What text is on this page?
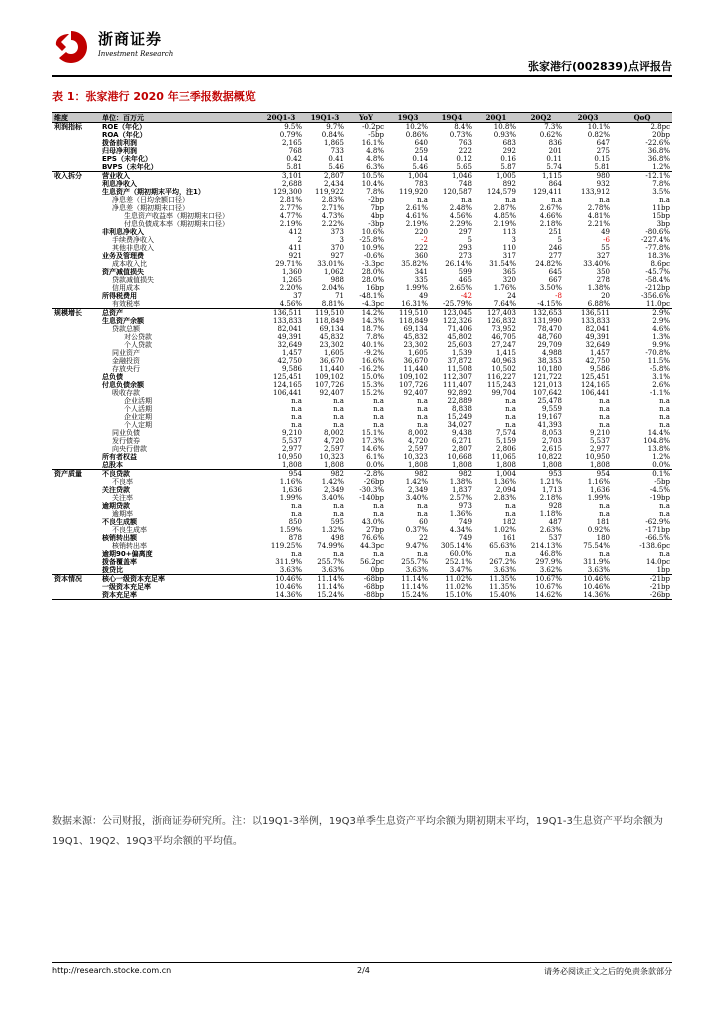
浙商证券
Investment Research
张家港行(002839)点评报告
表 1：张家港行 2020 年三季报数据概览
维度	单位：百万元	20Q1-3	19Q1-3	YoY	19Q3	19Q4	20Q1	20Q2	20Q3	QoQ
利润指标	ROE（年化）	9.5%	9.7%	-0.2pc	10.2%	8.4%	10.8%	7.3%	10.1%	2.8pc
	ROA（年化）	0.79%	0.84%	-5bp	0.86%	0.73%	0.93%	0.62%	0.82%	20bp
	拨备前利润	2,165	1,865	16.1%	640	763	683	836	647	-22.6%
	归母净利润	768	733	4.8%	259	222	292	201	275	36.8%
	EPS（未年化）	0.42	0.41	4.8%	0.14	0.12	0.16	0.11	0.15	36.8%
	BVPS（未年化）	5.81	5.46	6.3%	5.46	5.65	5.87	5.74	5.81	1.2%
收入拆分	营业收入	3,101	2,807	10.5%	1,004	1,046	1,005	1,115	980	-12.1%
	利息净收入	2,688	2,434	10.4%	783	748	892	864	932	7.8%
	生息资产（期初期末平均，注1）	129,300	119,922	7.8%	119,920	120,587	124,579	129,411	133,912	3.5%
	净息差（日均余额口径）	2.81%	2.83%	-2bp	n.a	n.a	n.a	n.a	n.a	n.a
	净息差（期初期末口径）	2.77%	2.71%	7bp	2.61%	2.48%	2.87%	2.67%	2.78%	11bp
	生息资产收益率（期初期末口径）	4.77%	4.73%	4bp	4.61%	4.56%	4.85%	4.66%	4.81%	15bp
	付息负债成本率（期初期末口径）	2.19%	2.22%	-3bp	2.19%	2.29%	2.19%	2.18%	2.21%	3bp
	非利息净收入	412	373	10.6%	220	297	113	251	49	-80.6%
	手续费净收入	2	3	-25.8%	-2	5	3	5	-6	-227.4%
	其他非息收入	411	370	10.9%	222	293	110	246	55	-77.8%
	业务及管理费	921	927	-0.6%	360	273	317	277	327	18.3%
	成本收入比	29.71%	33.01%	-3.3pc	35.82%	26.14%	31.54%	24.82%	33.40%	8.6pc
	资产减值损失	1,360	1,062	28.0%	341	599	365	645	350	-45.7%
	贷款减值损失	1,265	988	28.0%	335	465	320	667	278	-58.4%
	信用成本	2.20%	2.04%	16bp	1.99%	2.65%	1.76%	3.50%	1.38%	-212bp
	所得税费用	37	71	-48.1%	49	-42	24	-8	20	-356.6%
	有效税率	4.56%	8.81%	-4.3pc	16.31%	-25.79%	7.64%	-4.15%	6.88%	11.0pc
规模增长	总资产	136,511	119,510	14.2%	119,510	123,045	127,403	132,653	136,511	2.9%
	生息资产余额	133,833	118,849	14.3%	118,849	122,326	126,832	131,990	133,833	2.9%
	贷款总额	82,041	69,134	18.7%	69,134	71,406	73,952	78,470	82,041	4.6%
	对公贷款	49,391	45,832	7.8%	45,832	45,802	46,705	48,760	49,391	1.3%
	个人贷款	32,649	23,302	40.1%	23,302	25,603	27,247	29,709	32,649	9.9%
	同业资产	1,457	1,605	-9.2%	1,605	1,539	1,415	4,988	1,457	-70.8%
	金融投资	42,750	36,670	16.6%	36,670	37,872	40,963	38,353	42,750	11.5%
	存放央行	9,586	11,440	-16.2%	11,440	11,508	10,502	10,180	9,586	-5.8%
	总负债	125,451	109,102	15.0%	109,102	112,307	116,227	121,722	125,451	3.1%
	付息负债余额	124,165	107,726	15.3%	107,726	111,407	115,243	121,013	124,165	2.6%
	吸收存款	106,441	92,407	15.2%	92,407	92,892	99,704	107,642	106,441	-1.1%
	企业活期	n.a	n.a	n.a	n.a	22,889	n.a	25,478	n.a	n.a
	个人活期	n.a	n.a	n.a	n.a	8,838	n.a	9,559	n.a	n.a
	企业定期	n.a	n.a	n.a	n.a	15,249	n.a	19,167	n.a	n.a
	个人定期	n.a	n.a	n.a	n.a	34,027	n.a	41,393	n.a	n.a
	同业负债	9,210	8,002	15.1%	8,002	9,438	7,574	8,053	9,210	14.4%
	发行债券	5,537	4,720	17.3%	4,720	6,271	5,159	2,703	5,537	104.8%
	向央行借款	2,977	2,597	14.6%	2,597	2,807	2,806	2,615	2,977	13.8%
	所有者权益	10,950	10,323	6.1%	10,323	10,668	11,065	10,822	10,950	1.2%
	总股本	1,808	1,808	0.0%	1,808	1,808	1,808	1,808	1,808	0.0%
资产质量	不良贷款	954	982	-2.8%	982	982	1,004	953	954	0.1%
	不良率	1.16%	1.42%	-26bp	1.42%	1.38%	1.36%	1.21%	1.16%	-5bp
	关注贷款	1,636	2,349	-30.3%	2,349	1,837	2,094	1,713	1,636	-4.5%
	关注率	1.99%	3.40%	-140bp	3.40%	2.57%	2.83%	2.18%	1.99%	-19bp
	逾期贷款	n.a	n.a	n.a	n.a	973	n.a	928	n.a	n.a
	逾期率	n.a	n.a	n.a	n.a	1.36%	n.a	1.18%	n.a	n.a
	不良生成额	850	595	43.0%	60	749	182	487	181	-62.9%
	不良生成率	1.59%	1.32%	27bp	0.37%	4.34%	1.02%	2.63%	0.92%	-171bp
	核销转出额	878	498	76.6%	22	749	161	537	180	-66.5%
	核销转出率	119.25%	74.99%	44.3pc	9.47%	305.14%	65.63%	214.13%	75.54%	-138.6pc
	逾期90+偏离度	n.a	n.a	n.a	n.a	60.0%	n.a	46.8%	n.a	n.a
	拨备覆盖率	311.9%	255.7%	56.2pc	255.7%	252.1%	267.2%	297.9%	311.9%	14.0pc
	拨贷比	3.63%	3.63%	0bp	3.63%	3.47%	3.63%	3.62%	3.63%	1bp
资本情况	核心一级资本充足率	10.46%	11.14%	-68bp	11.14%	11.02%	11.35%	10.67%	10.46%	-21bp
	一级资本充足率	10.46%	11.14%	-68bp	11.14%	11.02%	11.35%	10.67%	10.46%	-21bp
	资本充足率	14.36%	15.24%	-88bp	15.24%	15.10%	15.40%	14.62%	14.36%	-26bp
数据来源：公司财报，浙商证券研究所。注：以19Q1-3举例，19Q3单季生息资产平均余额为期初期末平均，19Q1-3生息资产平均余额为19Q1、19Q2、19Q3平均余额的平均值。
http://research.stocke.com.cn	2/4	请务必阅读正文之后的免责条款部分
